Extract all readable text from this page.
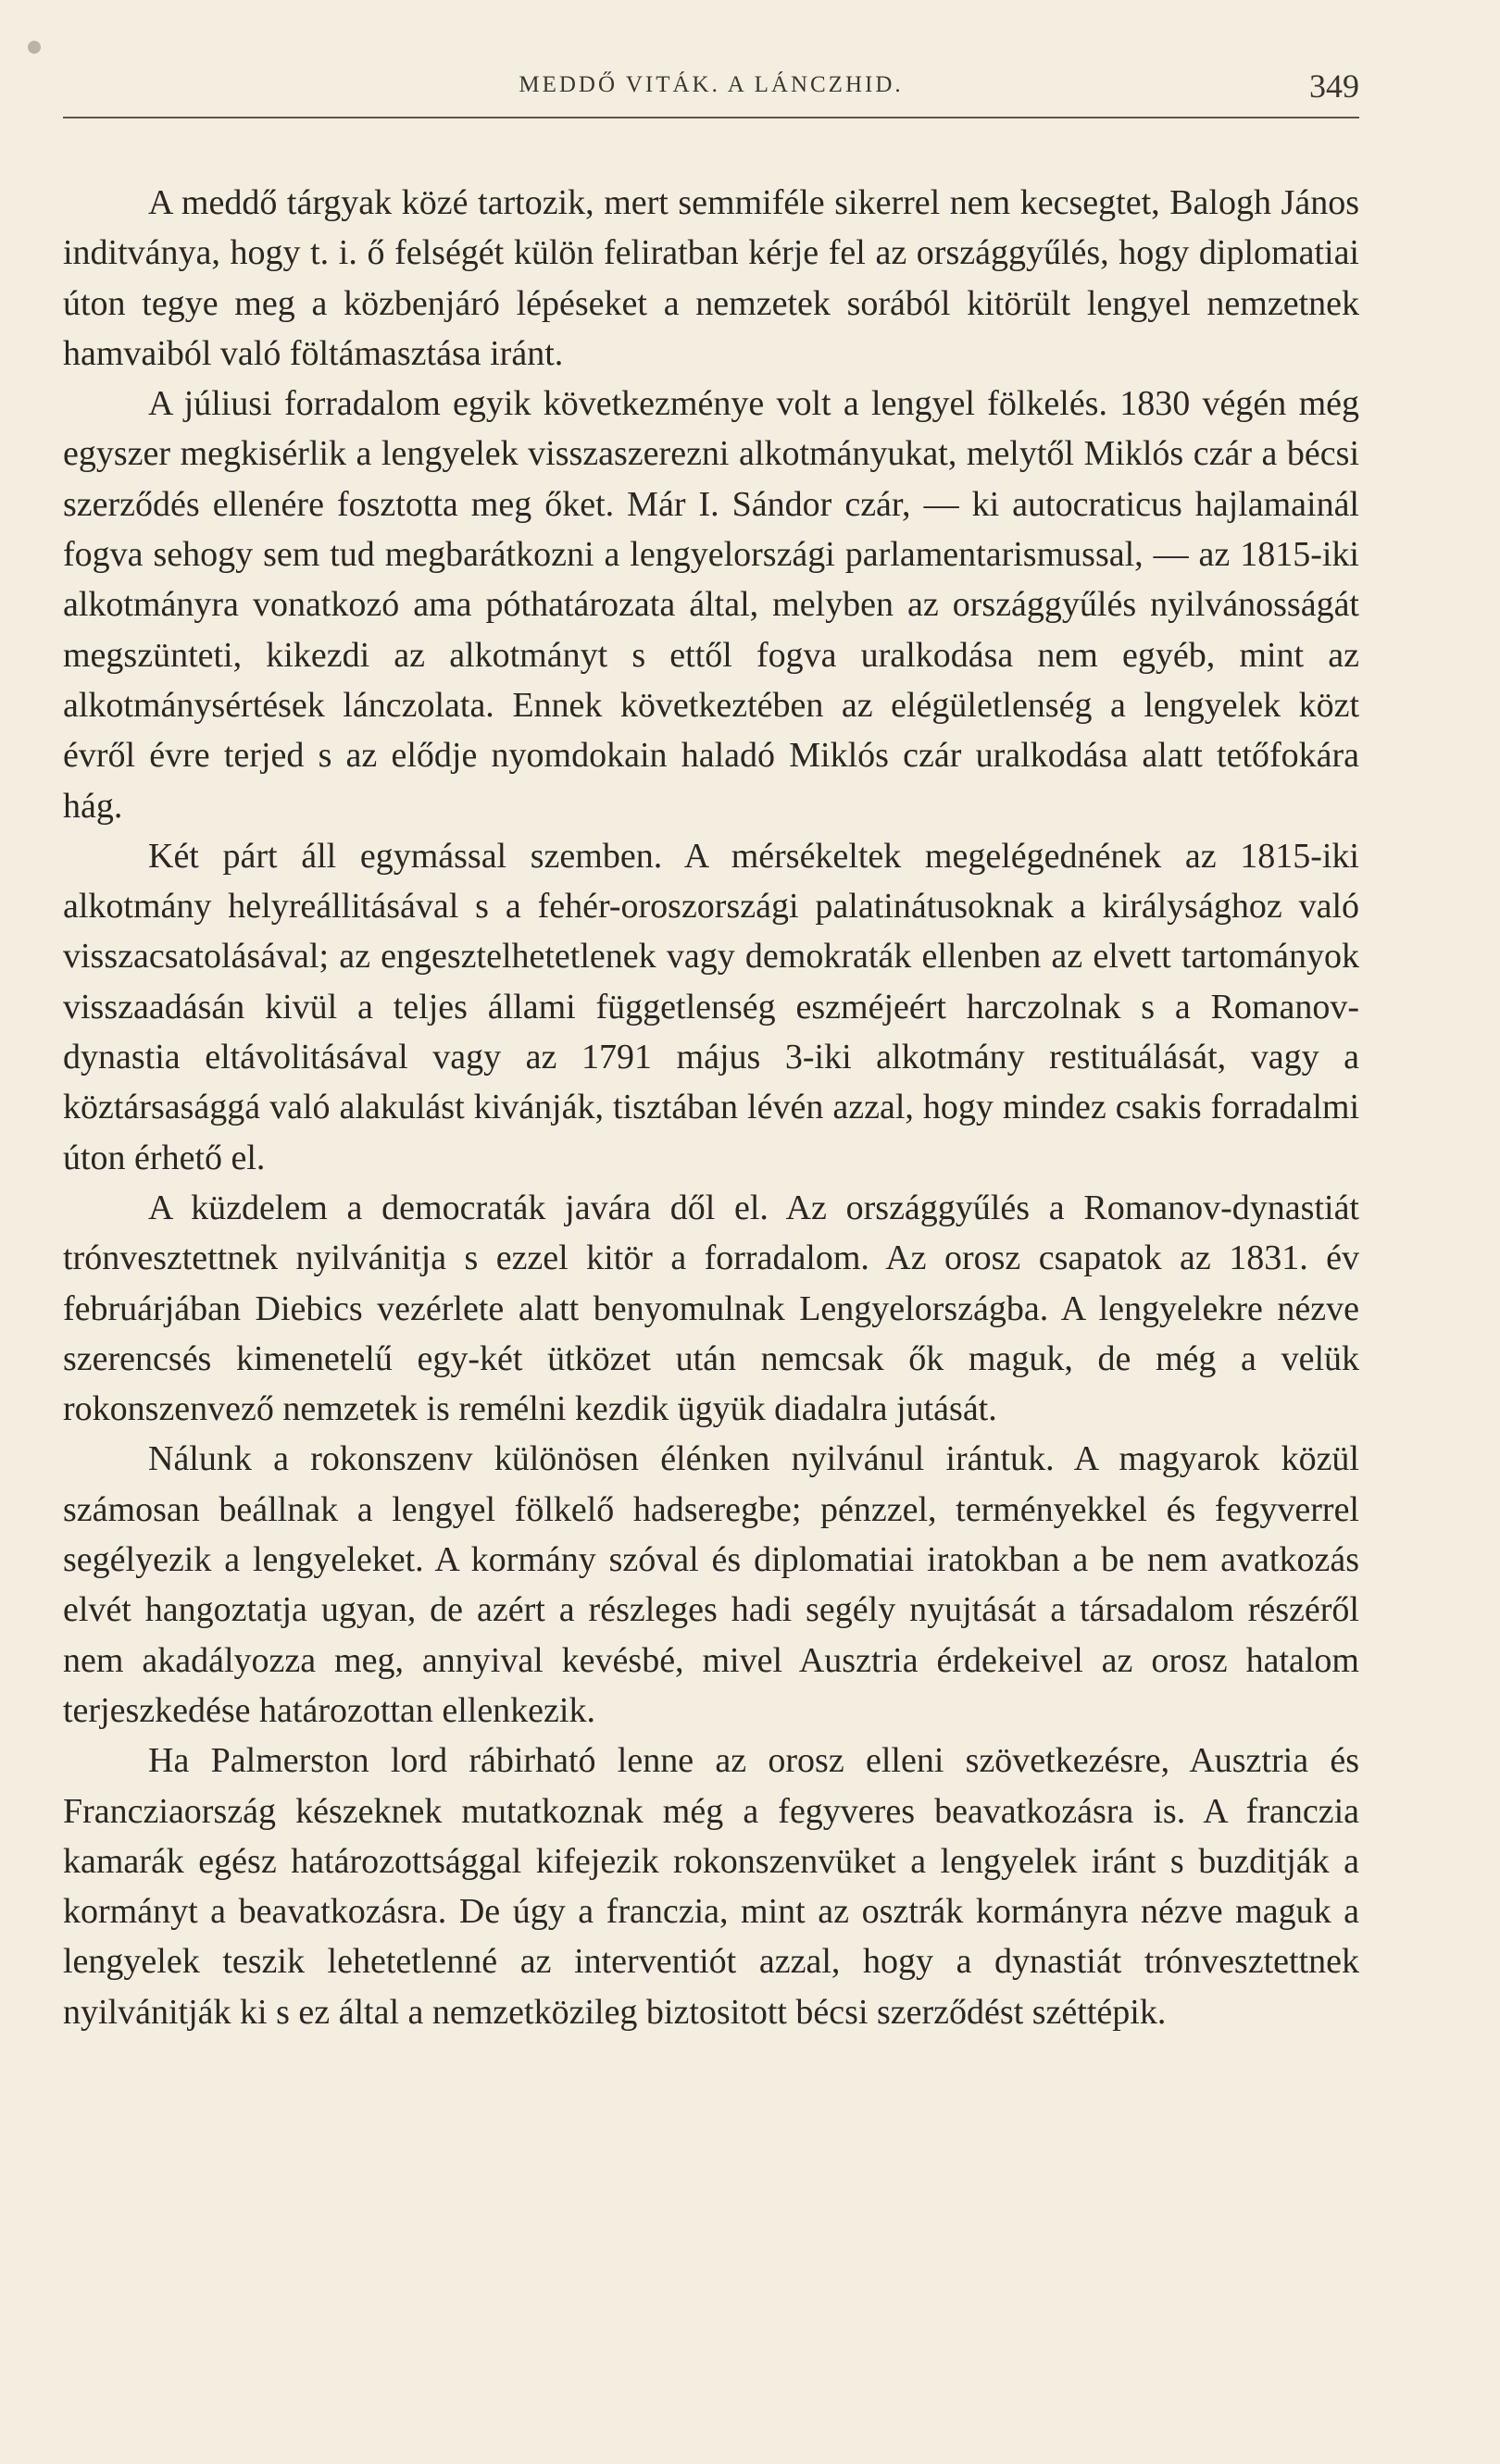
MEDDŐ VITÁK. A LÁNCZHID.	349

A meddő tárgyak közé tartozik, mert semmiféle sikerrel nem kecsegtet, Balogh János inditványa, hogy t. i. ő felségét külön feliratban kérje fel az országgyűlés, hogy diplomatiai úton tegye meg a közbenjáró lépéseket a nemzetek sorából kitörült lengyel nemzetnek hamvaiból való föltámasztása iránt.

A júliusi forradalom egyik következménye volt a lengyel fölkelés. 1830 végén még egyszer megkisérlik a lengyelek visszaszerezni alkotmányukat, melytől Miklós czár a bécsi szerződés ellenére fosztotta meg őket. Már I. Sándor czár, — ki autocraticus hajlamainál fogva sehogy sem tud megbarátkozni a lengyelországi parlamentarismussal, — az 1815-iki alkotmányra vonatkozó ama póthatározata által, melyben az országgyűlés nyilvánosságát megszünteti, kikezdi az alkotmányt s ettől fogva uralkodása nem egyéb, mint az alkotmánysértések lánczolata. Ennek következtében az elégületlenség a lengyelek közt évről évre terjed s az elődje nyomdokain haladó Miklós czár uralkodása alatt tetőfokára hág.

Két párt áll egymással szemben. A mérsékeltek megelégednének az 1815-iki alkotmány helyreállitásával s a fehér-oroszországi palatinátusoknak a királysághoz való visszacsatolásával; az engesztelhetetlenek vagy demokraták ellenben az elvett tartományok visszaadásán kivül a teljes állami függetlenség eszméjeért harczolnak s a Romanov-dynastia eltávolitásával vagy az 1791 május 3-iki alkotmány restituálását, vagy a köztársasággá való alakulást kivánják, tisztában lévén azzal, hogy mindez csakis forradalmi úton érhető el.

A küzdelem a democraták javára dől el. Az országgyűlés a Romanov-dynastiát trónvesztettnek nyilvánitja s ezzel kitör a forradalom. Az orosz csapatok az 1831. év februárjában Diebics vezérlete alatt benyomulnak Lengyelországba. A lengyelekre nézve szerencsés kimenetelű egy-két ütközet után nemcsak ők maguk, de még a velük rokonszenvező nemzetek is remélni kezdik ügyük diadalra jutását.

Nálunk a rokonszenv különösen élénken nyilvánul irántuk. A magyarok közül számosan beállnak a lengyel fölkelő hadseregbe; pénzzel, terményekkel és fegyverrel segélyezik a lengyeleket. A kormány szóval és diplomatiai iratokban a be nem avatkozás elvét hangoztatja ugyan, de azért a részleges hadi segély nyujtását a társadalom részéről nem akadályozza meg, annyival kevésbé, mivel Ausztria érdekeivel az orosz hatalom terjeszkedése határozottan ellenkezik.

Ha Palmerston lord rábirható lenne az orosz elleni szövetkezésre, Ausztria és Francziaország készeknek mutatkoznak még a fegyveres beavatkozásra is. A franczia kamarák egész határozottsággal kifejezik rokonszenvüket a lengyelek iránt s buzditják a kormányt a beavatkozásra. De úgy a franczia, mint az osztrák kormányra nézve maguk a lengyelek teszik lehetetlenné az interventiót azzal, hogy a dynastiát trónvesztettnek nyilvánitják ki s ez által a nemzetközileg biztositott bécsi szerződést széttépik.
